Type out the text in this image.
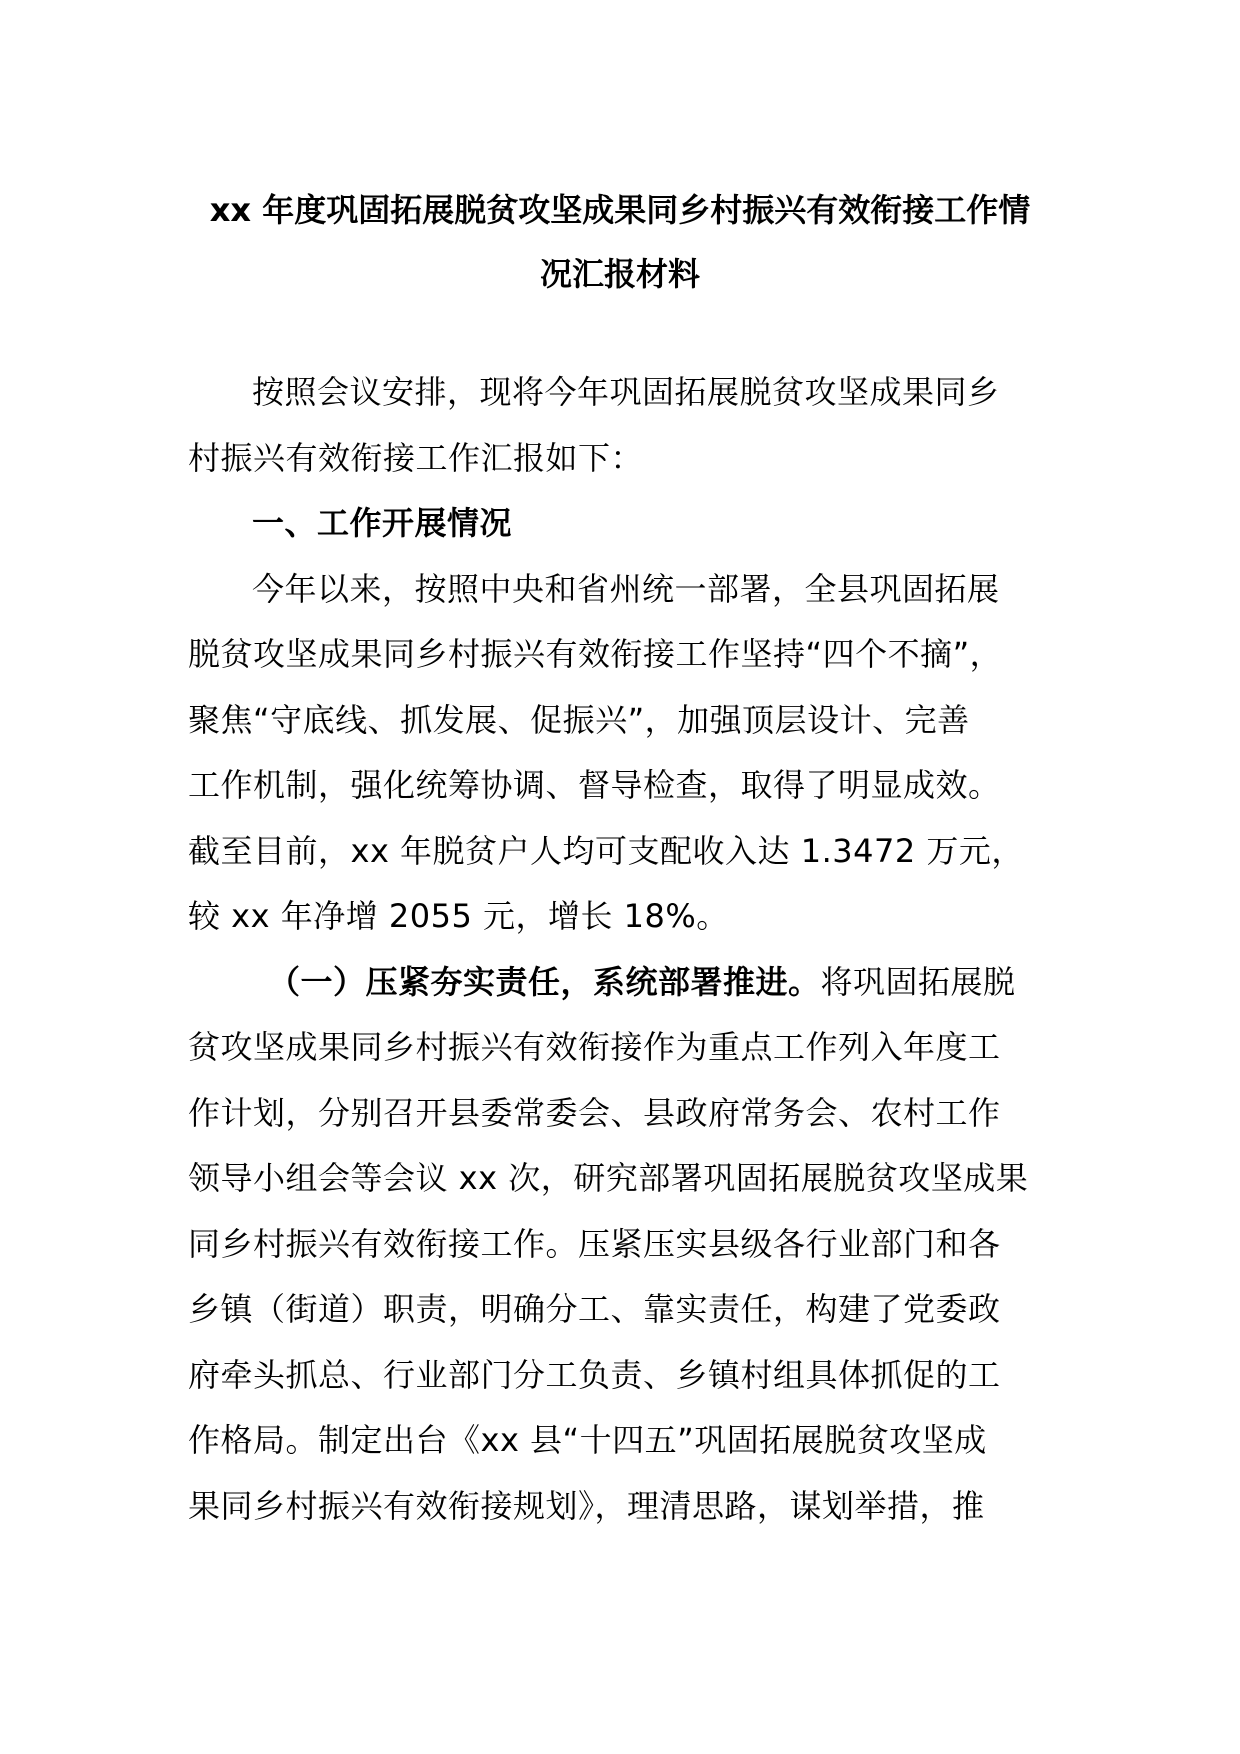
xx 年度巩固拓展脱贫攻坚成果同乡村振兴有效衔接工作情
况汇报材料
按照会议安排，现将今年巩固拓展脱贫攻坚成果同乡
村振兴有效衔接工作汇报如下：
一、工作开展情况
今年以来，按照中央和省州统一部署，全县巩固拓展
脱贫攻坚成果同乡村振兴有效衔接工作坚持“四个不摘”，
聚焦“守底线、抓发展、促振兴”，加强顶层设计、完善
工作机制，强化统筹协调、督导检查，取得了明显成效。
截至目前，xx 年脱贫户人均可支配收入达 1.3472 万元，
较 xx 年净增 2055 元，增长 18%。
（一）压紧夯实责任，系统部署推进。将巩固拓展脱
贫攻坚成果同乡村振兴有效衔接作为重点工作列入年度工
作计划，分别召开县委常委会、县政府常务会、农村工作
领导小组会等会议 xx 次，研究部署巩固拓展脱贫攻坚成果
同乡村振兴有效衔接工作。压紧压实县级各行业部门和各
乡镇（街道）职责，明确分工、靠实责任，构建了党委政
府牵头抓总、行业部门分工负责、乡镇村组具体抓促的工
作格局。制定出台《xx 县“十四五”巩固拓展脱贫攻坚成
果同乡村振兴有效衔接规划》，理清思路，谋划举措，推
